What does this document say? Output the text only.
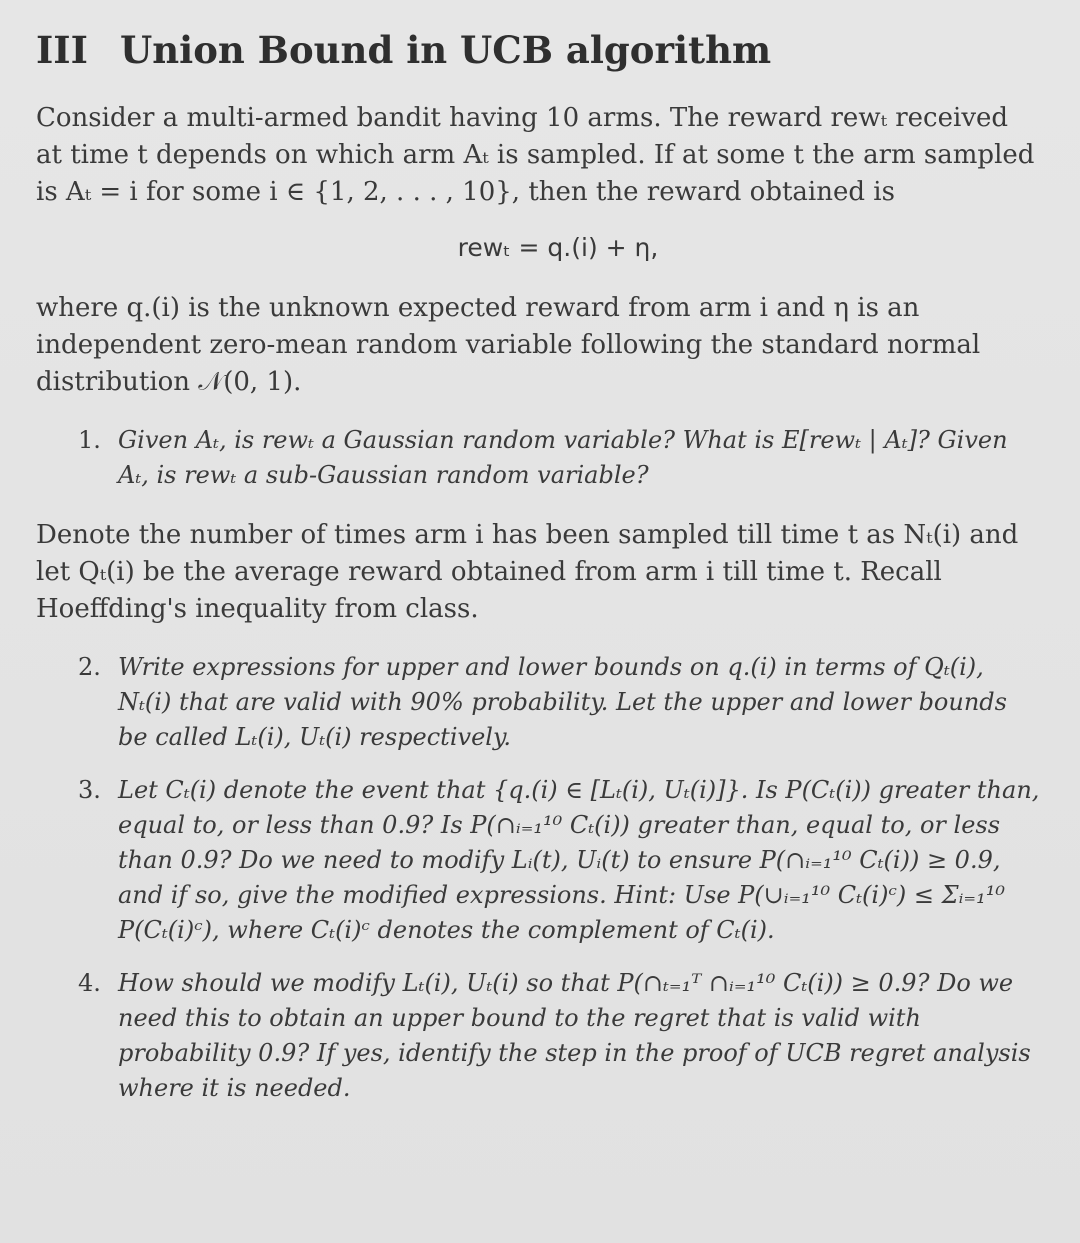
III Union Bound in UCB algorithm

Consider a multi-armed bandit having 10 arms. The reward rewₜ received at time t depends on which arm Aₜ is sampled. If at some t the arm sampled is Aₜ = i for some i ∈ {1, 2, . . . , 10}, then the reward obtained is

rewₜ = q.(i) + η,

where q.(i) is the unknown expected reward from arm i and η is an independent zero-mean random variable following the standard normal distribution 𝒩(0, 1).

1. Given Aₜ, is rewₜ a Gaussian random variable? What is E[rewₜ | Aₜ]? Given Aₜ, is rewₜ a sub-Gaussian random variable?

Denote the number of times arm i has been sampled till time t as Nₜ(i) and let Qₜ(i) be the average reward obtained from arm i till time t. Recall Hoeffding's inequality from class.

2. Write expressions for upper and lower bounds on q.(i) in terms of Qₜ(i), Nₜ(i) that are valid with 90% probability. Let the upper and lower bounds be called Lₜ(i), Uₜ(i) respectively.
3. Let Cₜ(i) denote the event that {q.(i) ∈ [Lₜ(i), Uₜ(i)]}. Is P(Cₜ(i)) greater than, equal to, or less than 0.9? Is P(∩ᵢ₌₁¹⁰ Cₜ(i)) greater than, equal to, or less than 0.9? Do we need to modify Lᵢ(t), Uᵢ(t) to ensure P(∩ᵢ₌₁¹⁰ Cₜ(i)) ≥ 0.9, and if so, give the modified expressions. Hint: Use P(∪ᵢ₌₁¹⁰ Cₜ(i)ᶜ) ≤ Σᵢ₌₁¹⁰ P(Cₜ(i)ᶜ), where Cₜ(i)ᶜ denotes the complement of Cₜ(i).
4. How should we modify Lₜ(i), Uₜ(i) so that P(∩ₜ₌₁ᵀ ∩ᵢ₌₁¹⁰ Cₜ(i)) ≥ 0.9? Do we need this to obtain an upper bound to the regret that is valid with probability 0.9? If yes, identify the step in the proof of UCB regret analysis where it is needed.
